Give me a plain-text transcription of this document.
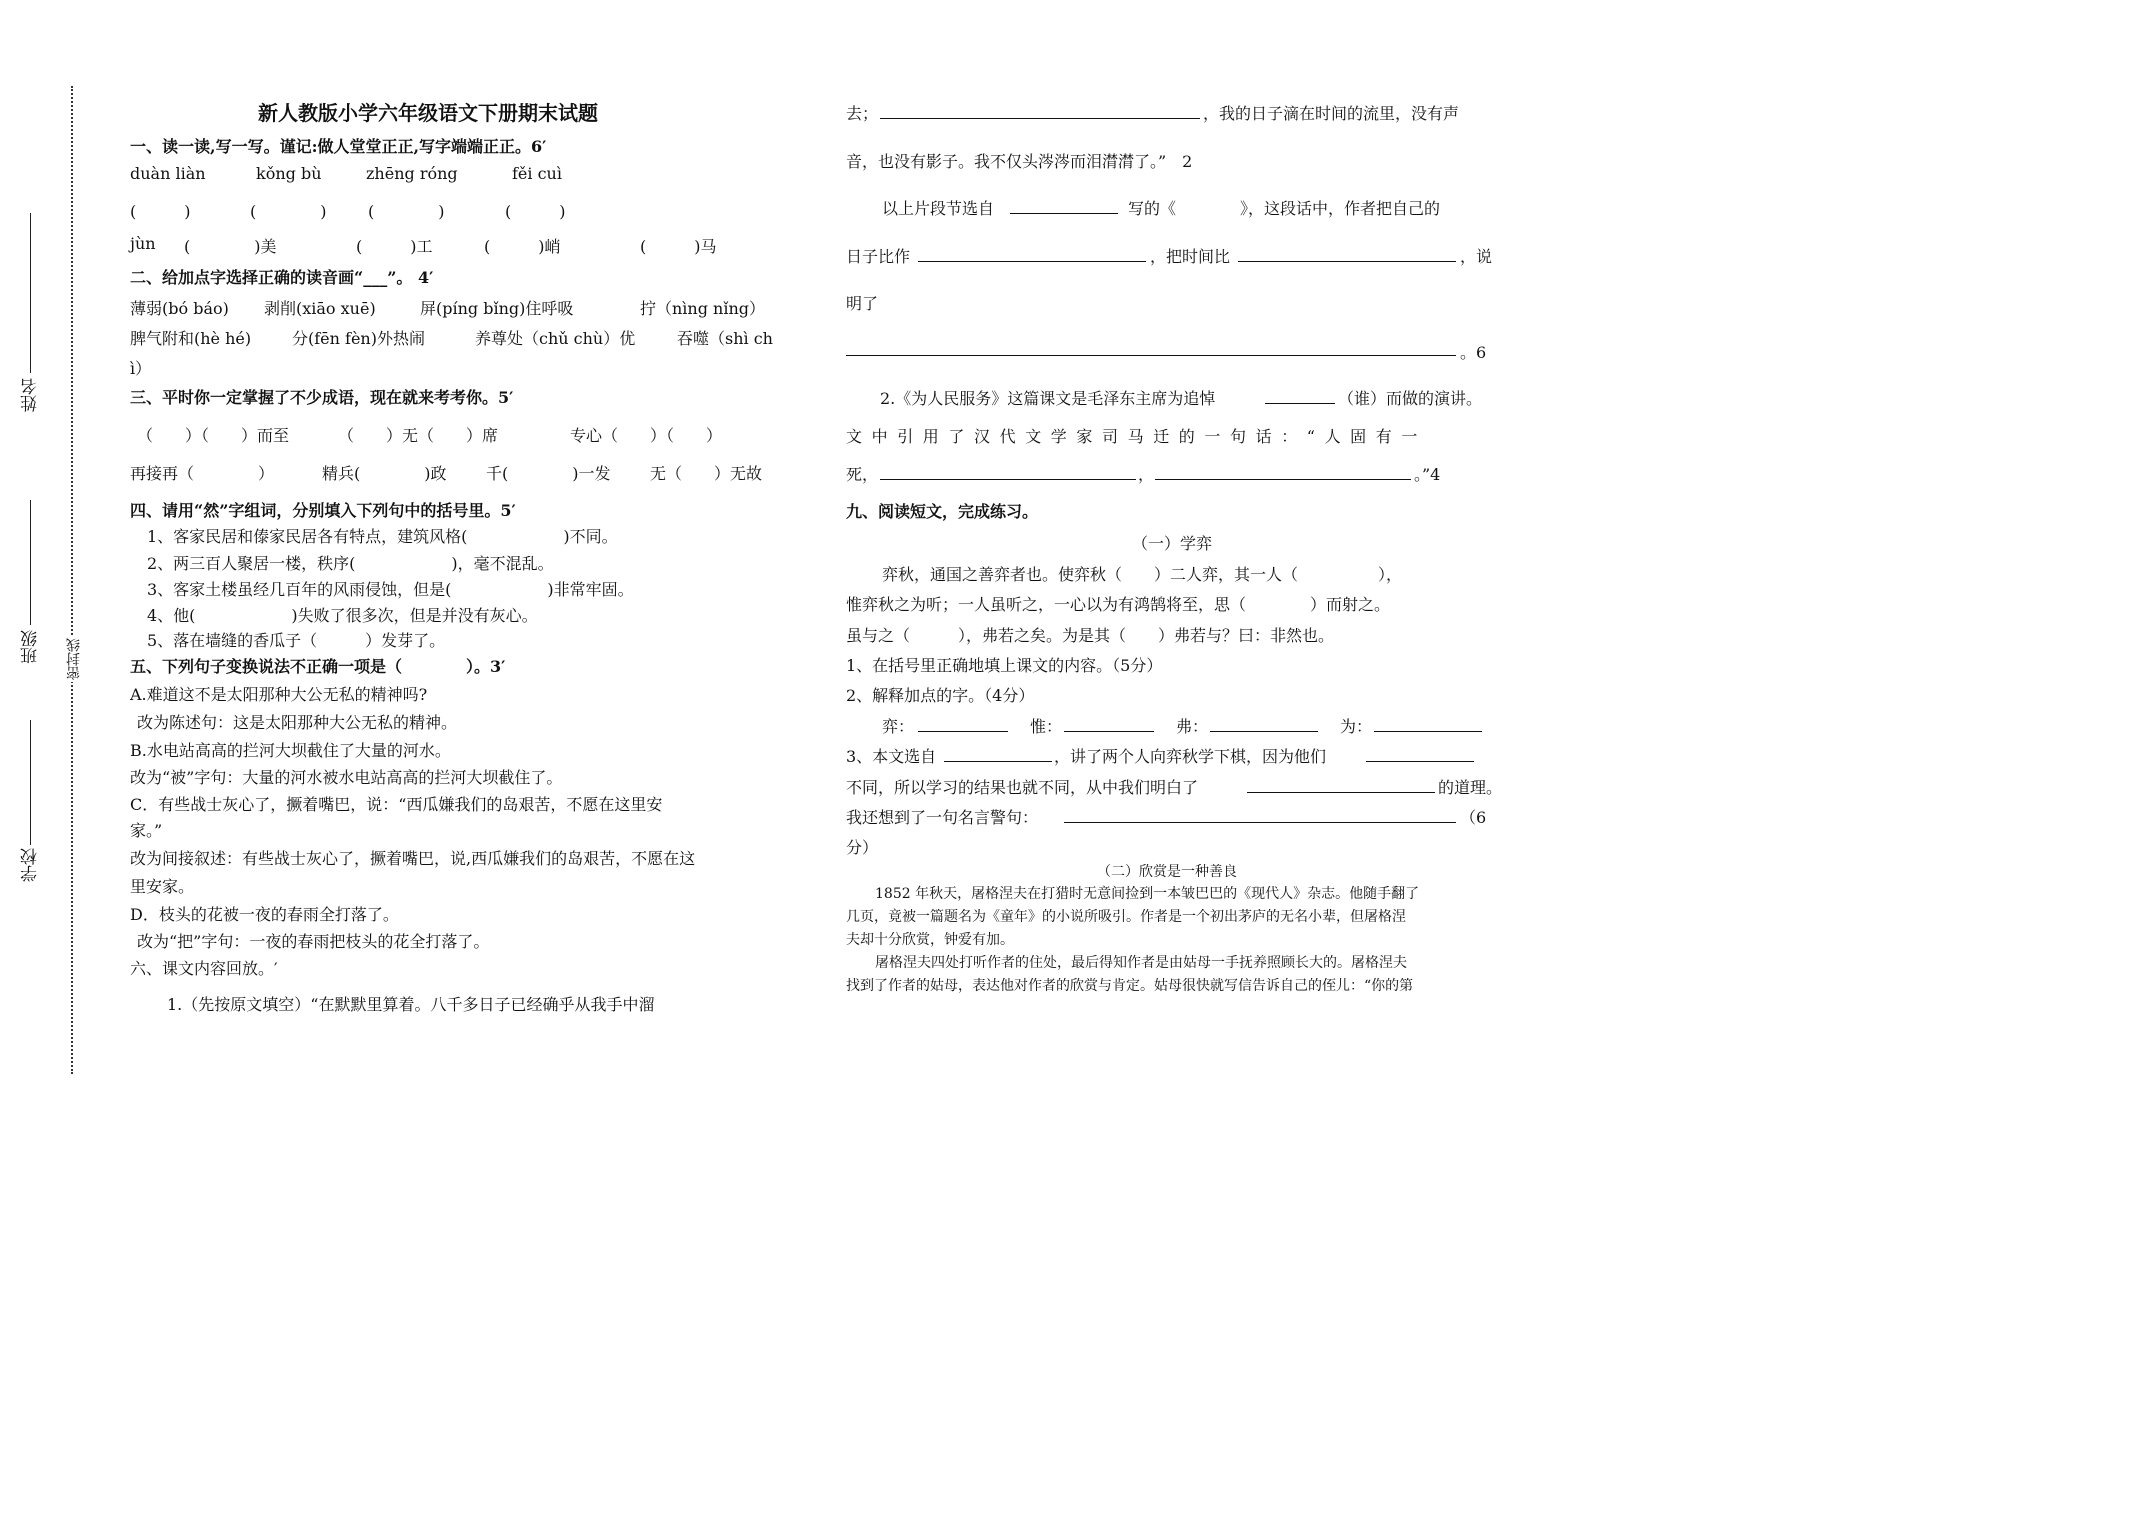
姓名
班级
学校
密封线
新人教版小学六年级语文下册期末试题
一、读一读,写一写。谨记:做人堂堂正正,写字端端正正。6′
duàn liàn	kǒng bù	zhēng róng	fěi cuì
(　　　)	(　　　　)	(　　　　)	(　　　)
jùn (　　　　)美	(　　　)工	(　　　)峭	(　　　)马
二、给加点字选择正确的读音画“___”。 4′
薄弱(bó báo) 剥削(xiāo xuē)	屏(píng bǐng)住呼吸	拧（nìng nǐng）
脾气附和(hè hé)	分(fēn fèn)外热闹	养尊处（chǔ chù）优	吞噬（shì ch
ì）
三、平时你一定掌握了不少成语，现在就来考考你。5′
（　　）（　　）而至	（　　）无（　　）席	专心（　　）（　　）
再接再（　　　　）	精兵(　　　　)政 千(　　　　)一发 无（　　）无故
四、请用“然”字组词，分别填入下列句中的括号里。5′
1、客家民居和傣家民居各有特点，建筑风格(　　　　　　)不同。
2、两三百人聚居一楼，秩序(　　　　　　)，毫不混乱。
3、客家土楼虽经几百年的风雨侵蚀，但是(　　　　　　)非常牢固。
4、他(　　　　　　)失败了很多次，但是并没有灰心。
5、落在墙缝的香瓜子（　　　）发芽了。
五、下列句子变换说法不正确一项是（　　　　）。3′
A.难道这不是太阳那种大公无私的精神吗?
改为陈述句：这是太阳那种大公无私的精神。
B.水电站高高的拦河大坝截住了大量的河水。
改为“被”字句：大量的河水被水电站高高的拦河大坝截住了。
C．有些战士灰心了，撅着嘴巴，说：“西瓜嫌我们的岛艰苦，不愿在这里安
家。”
改为间接叙述：有些战士灰心了，撅着嘴巴，说,西瓜嫌我们的岛艰苦，不愿在这
里安家。
D．枝头的花被一夜的春雨全打落了。
改为“把”字句：一夜的春雨把枝头的花全打落了。
六、课文内容回放。′
1.（先按原文填空）“在默默里算着。八千多日子已经确乎从我手中溜
去；	，我的日子滴在时间的流里，没有声
音，也没有影子。我不仅头涔涔而泪潸潸了。”　2
以上片段节选自	写的《　　　　》，这段话中，作者把自己的
日子比作	，把时间比	，说
明了
。6
2.《为人民服务》这篇课文是毛泽东主席为追悼	（谁）而做的演讲。
文中引用了汉代文学家司马迁的一句话：“人固有一
死，	，	。”4
九、阅读短文，完成练习。
（一）学弈
弈秋，通国之善弈者也。使弈秋（　　）二人弈，其一人（　　　　　），
惟弈秋之为听；一人虽听之，一心以为有鸿鹄将至，思（　　　　）而射之。
虽与之（　　　），弗若之矣。为是其（　　）弗若与？曰：非然也。
1、在括号里正确地填上课文的内容。（5分）
2、解释加点的字。（4分）
弈：	惟：	弗：	为：
3、本文选自	，讲了两个人向弈秋学下棋，因为他们
不同，所以学习的结果也就不同，从中我们明白了	的道理。
我还想到了一句名言警句：	（6
分）
（二）欣赏是一种善良
1852 年秋天，屠格涅夫在打猎时无意间捡到一本皱巴巴的《现代人》杂志。他随手翻了
几页，竟被一篇题名为《童年》的小说所吸引。作者是一个初出茅庐的无名小辈，但屠格涅
夫却十分欣赏，钟爱有加。
屠格涅夫四处打听作者的住处，最后得知作者是由姑母一手抚养照顾长大的。屠格涅夫
找到了作者的姑母，表达他对作者的欣赏与肯定。姑母很快就写信告诉自己的侄儿：“你的第
